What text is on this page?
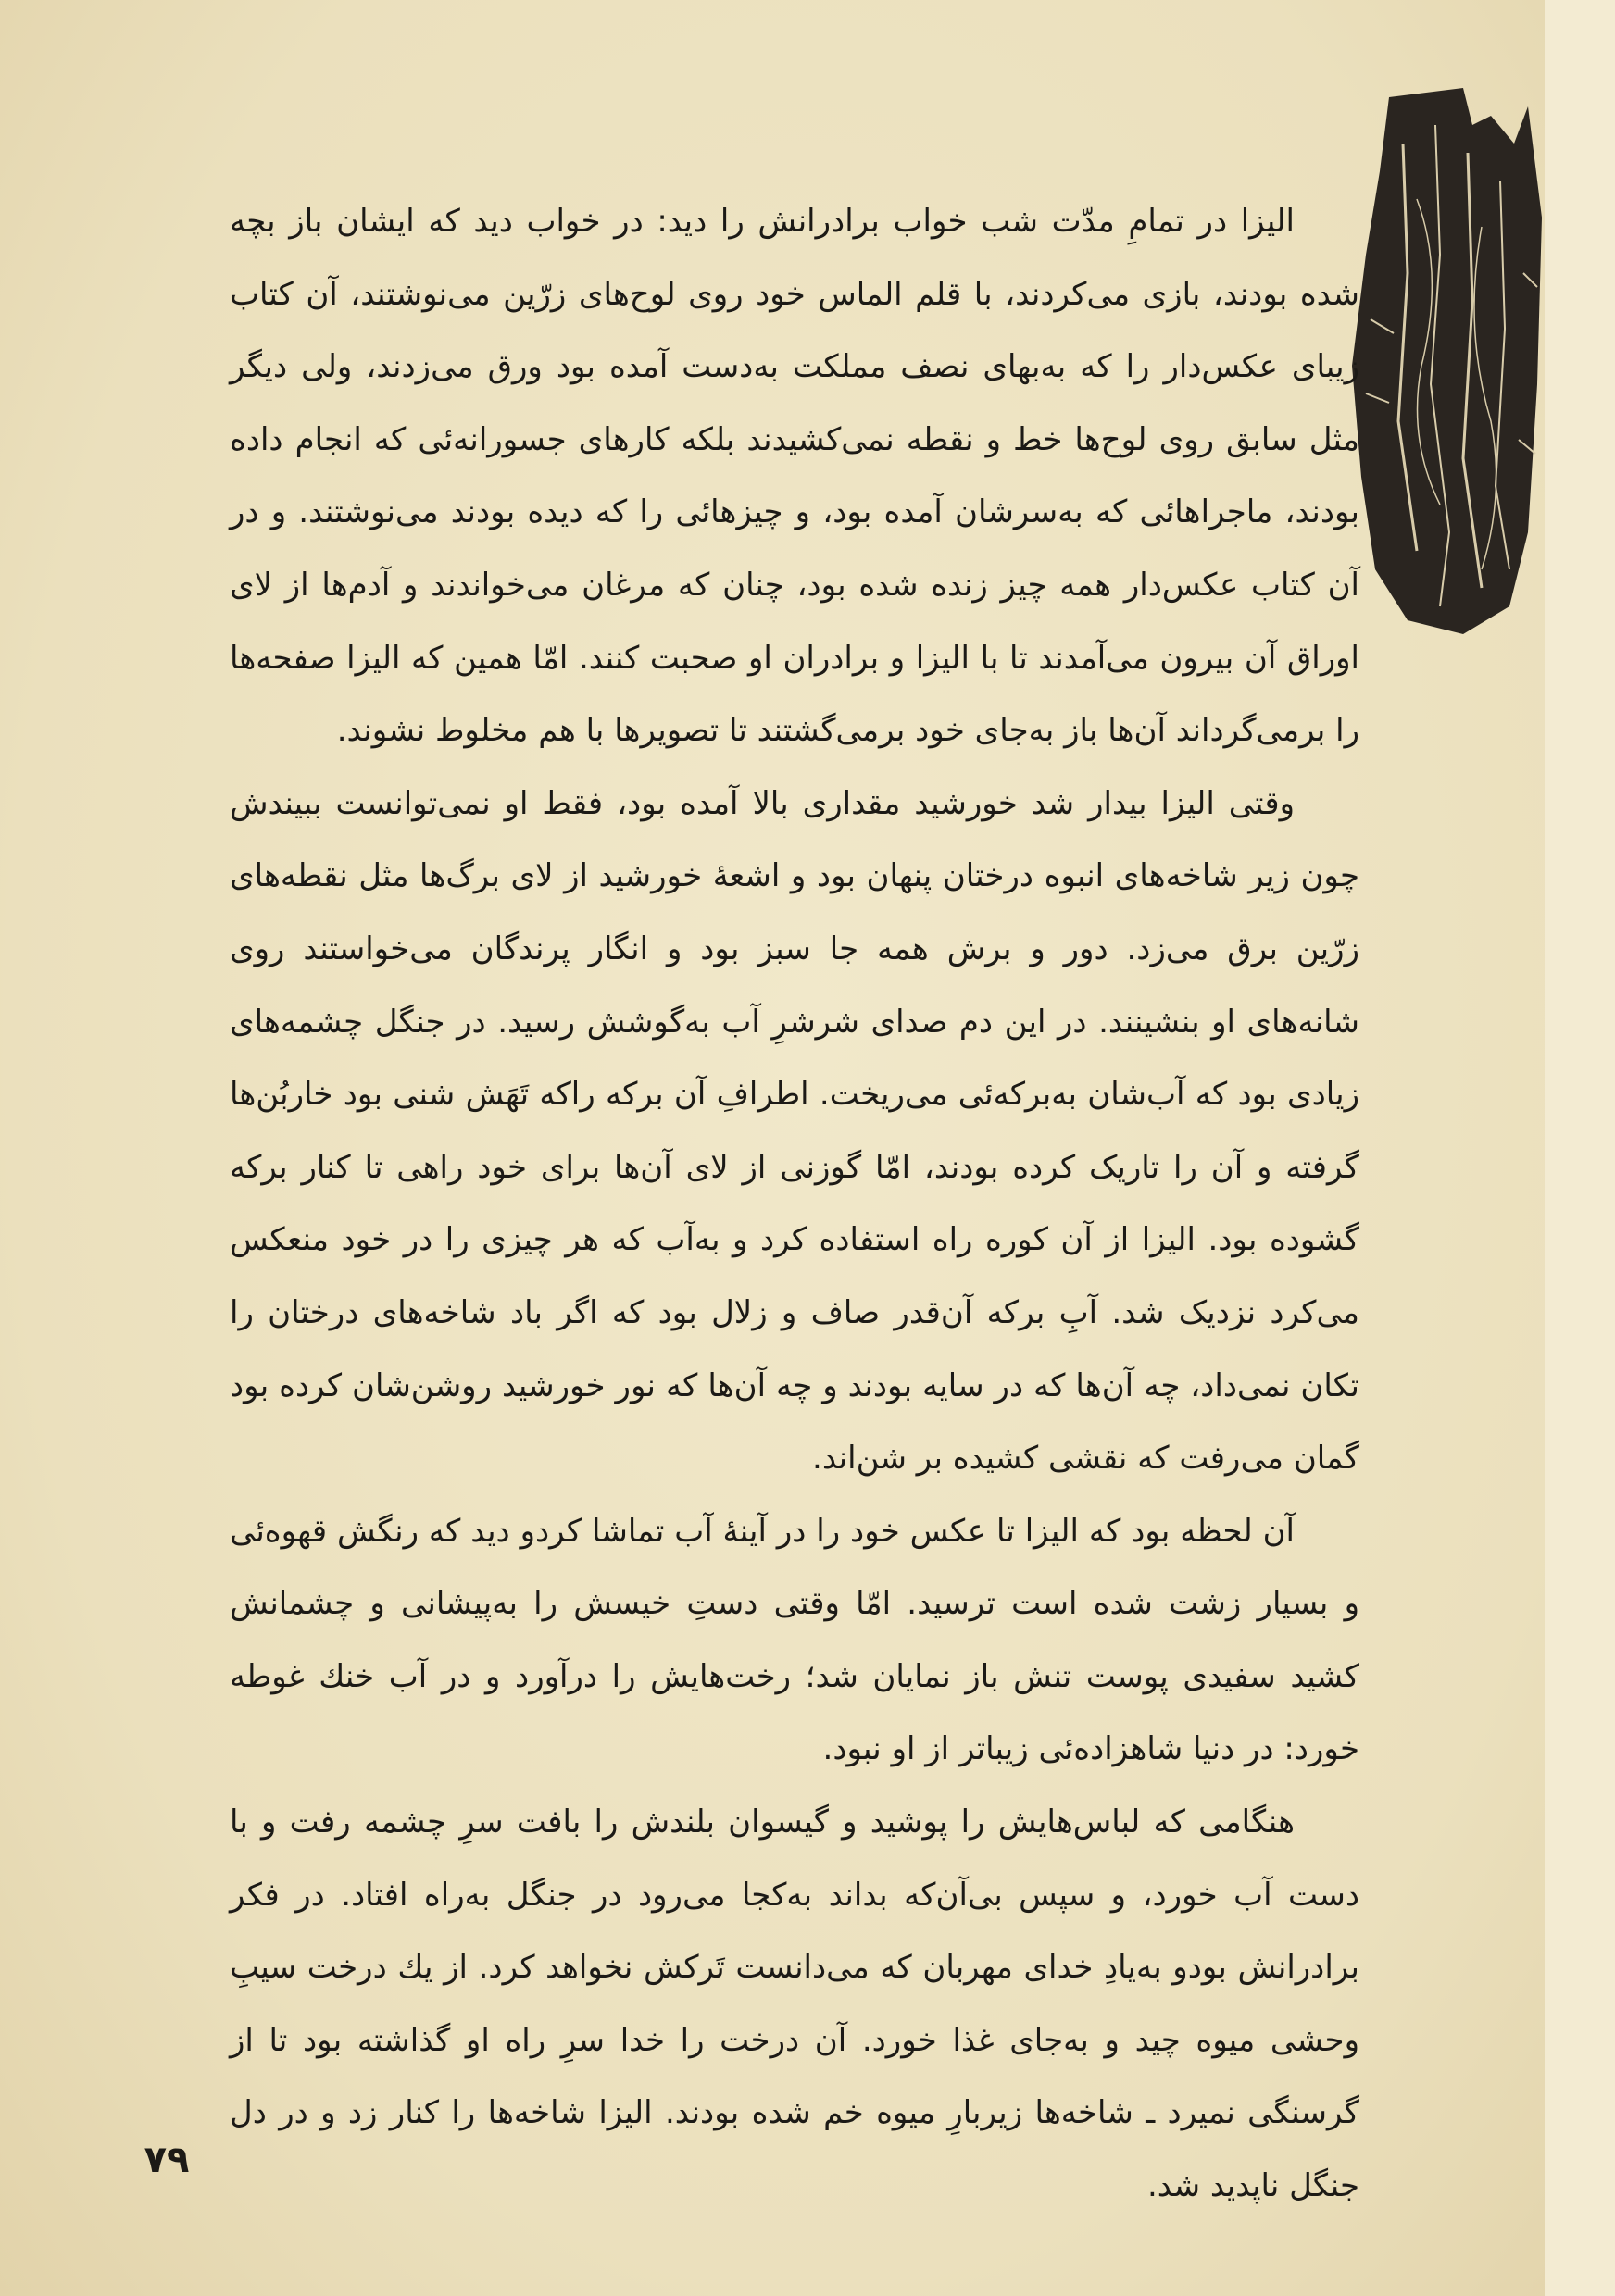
الیزا در تمامِ مدّت شب خواب برادرانش را دید: در خواب دید که ایشان باز بچه شده بودند، بازی می‌کردند، با قلم الماس خود روی لوح‌های زرّین می‌نوشتند، آن کتاب زیبای عکس‌دار را که به‌بهای نصف مملکت به‌دست آمده بود ورق می‌زدند، ولی دیگر مثل سابق روی لوح‌ها خط و نقطه نمی‌کشیدند بلکه کارهای جسورانه‌ئی که انجام داده بودند، ماجراهائی که به‌سرشان آمده بود، و چیزهائی را که دیده بودند می‌نوشتند. و در آن کتاب عکس‌دار همه چیز زنده شده بود، چنان که مرغان می‌خواندند و آدم‌ها از لای اوراق آن بیرون می‌آمدند تا با الیزا و برادران او صحبت کنند. امّا همین که الیزا صفحه‌ها را برمی‌گرداند آن‌ها باز به‌جای خود برمی‌گشتند تا تصویرها با هم مخلوط نشوند.

وقتی الیزا بیدار شد خورشید مقداری بالا آمده بود، فقط او نمی‌توانست ببیندش چون زیر شاخه‌های انبوه درختان پنهان بود و اشعهٔ خورشید از لای برگ‌ها مثل نقطه‌های زرّین برق می‌زد. دور و برش همه جا سبز بود و انگار پرندگان می‌خواستند روی شانه‌های او بنشینند. در این دم صدای شرشرِ آب به‌گوشش رسید. در جنگل چشمه‌های زیادی بود که آب‌شان به‌برکه‌ئی می‌ریخت. اطرافِ آن برکه راکه تَهَش شنی بود خاربُن‌ها گرفته و آن را تاریک کرده بودند، امّا گوزنی از لای آن‌ها برای خود راهی تا کنار برکه گشوده بود. الیزا از آن کوره راه استفاده کرد و به‌آب که هر چیزی را در خود منعکس می‌کرد نزدیک شد. آبِ برکه آن‌قدر صاف و زلال بود که اگر باد شاخه‌های درختان را تکان نمی‌داد، چه آن‌ها که در سایه بودند و چه آن‌ها که نور خورشید روشن‌شان کرده بود گمان می‌رفت که نقشی کشیده بر شن‌اند.

آن لحظه بود که الیزا تا عکس خود را در آینهٔ آب تماشا کردو دید که رنگش قهوه‌ئی و بسیار زشت شده است ترسید. امّا وقتی دستِ خیسش را به‌پیشانی و چشمانش کشید سفیدی پوست تنش باز نمایان شد؛ رخت‌هایش را درآورد و در آب خنك غوطه خورد: در دنیا شاهزاده‌ئی زیباتر از او نبود.

هنگامی که لباس‌هایش را پوشید و گیسوان بلندش را بافت سرِ چشمه رفت و با دست آب خورد، و سپس بی‌آن‌که بداند به‌کجا می‌رود در جنگل به‌راه افتاد. در فکر برادرانش بودو به‌یادِ خدای مهربان که می‌دانست تَرکش نخواهد کرد. از یك درخت سیبِ وحشی میوه چید و به‌جای غذا خورد. آن درخت را خدا سرِ راه او گذاشته بود تا از گرسنگی نمیرد ـ شاخه‌ها زیربارِ میوه خم شده بودند. الیزا شاخه‌ها را کنار زد و در دل جنگل ناپدید شد.

۷۹
